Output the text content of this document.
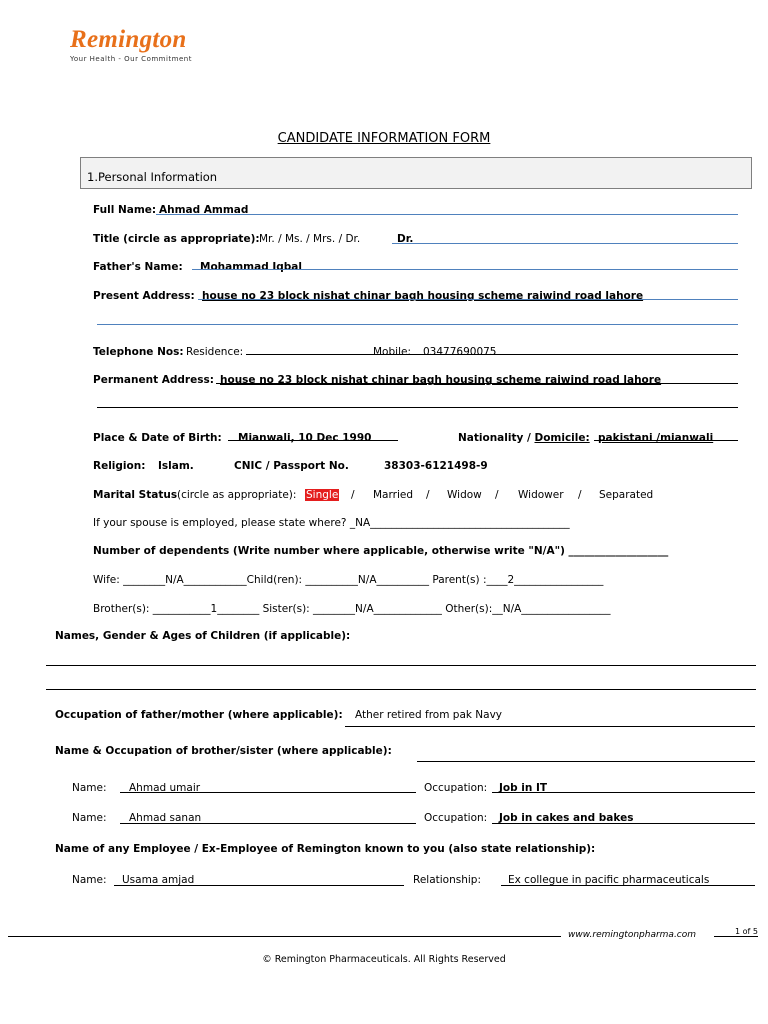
Remington
Your Health - Our Commitment
CANDIDATE INFORMATION FORM
1.Personal Information
Full Name: Ahmad Ammad
Title (circle as appropriate): Mr. / Ms. / Mrs. / Dr.	Dr.
Father's Name: Mohammad Iqbal
Present Address: house no 23 block nishat chinar bagh housing scheme raiwind road lahore
Telephone Nos: Residence:	Mobile: 03477690075
Permanent Address: house no 23 block nishat chinar bagh housing scheme raiwind road lahore
Place & Date of Birth: Mianwali, 10 Dec 1990	Nationality / Domicile: pakistani /mianwali
Religion: Islam.	CNIC / Passport No.	38303-6121498-9
Marital Status (circle as appropriate): Single / Married / Widow / Widower / Separated
If your spouse is employed, please state where? _NA______________________________________
Number of dependents (Write number where applicable, otherwise write "N/A") ___________________
Wife: ________N/A____________Child(ren): __________N/A__________ Parent(s) :____2_________________
Brother(s): ___________1________ Sister(s): ________N/A_____________ Other(s):__N/A_________________
Names, Gender & Ages of Children (if applicable):
Occupation of father/mother (where applicable): Ather retired from pak Navy
Name & Occupation of brother/sister (where applicable):
Name: Ahmad umair	Occupation: Job in IT
Name: Ahmad sanan	Occupation: Job in cakes and bakes
Name of any Employee / Ex-Employee of Remington known to you (also state relationship):
Name: Usama amjad	Relationship:	Ex collegue in pacific pharmaceuticals
www.remingtonpharma.com	1 of 5
© Remington Pharmaceuticals. All Rights Reserved
